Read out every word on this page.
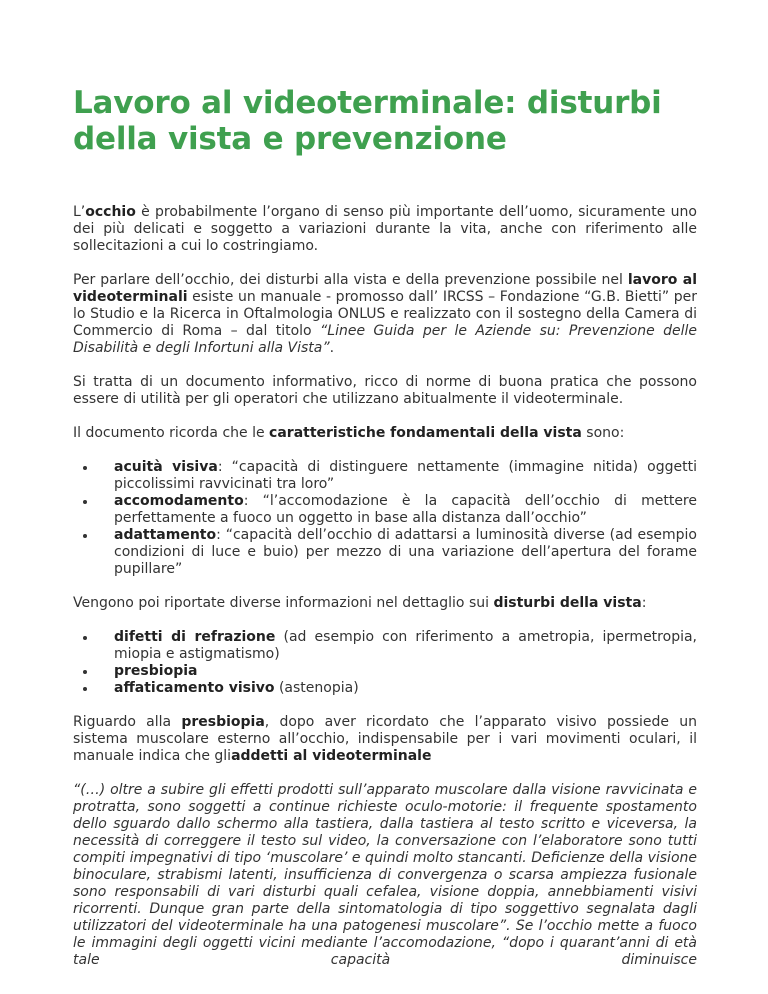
Lavoro al videoterminale: disturbi della vista e prevenzione

L’occhio è probabilmente l’organo di senso più importante dell’uomo, sicuramente uno dei più delicati e soggetto a variazioni durante la vita, anche con riferimento alle sollecitazioni a cui lo costringiamo.

Per parlare dell’occhio, dei disturbi alla vista e della prevenzione possibile nel lavoro al videoterminali esiste un manuale - promosso dall’ IRCSS – Fondazione “G.B. Bietti” per lo Studio e la Ricerca in Oftalmologia ONLUS e realizzato con il sostegno della Camera di Commercio di Roma – dal titolo “Linee Guida per le Aziende su: Prevenzione delle Disabilità e degli Infortuni alla Vista”.

Si tratta di un documento informativo, ricco di norme di buona pratica che possono essere di utilità per gli operatori che utilizzano abitualmente il videoterminale.

Il documento ricorda che le caratteristiche fondamentali della vista sono:

acuità visiva: “capacità di distinguere nettamente (immagine nitida) oggetti piccolissimi ravvicinati tra loro”
accomodamento: “l’accomodazione è la capacità dell’occhio di mettere perfettamente a fuoco un oggetto in base alla distanza dall’occhio”
adattamento: “capacità dell’occhio di adattarsi a luminosità diverse (ad esempio condizioni di luce e buio) per mezzo di una variazione dell’apertura del forame pupillare”

Vengono poi riportate diverse informazioni nel dettaglio sui disturbi della vista:

difetti di refrazione (ad esempio con riferimento a ametropia, ipermetropia, miopia e astigmatismo)
presbiopia
affaticamento visivo (astenopia)

Riguardo alla presbiopia, dopo aver ricordato che l’apparato visivo possiede un sistema muscolare esterno all’occhio, indispensabile per i vari movimenti oculari, il manuale indica che gliaddetti al videoterminale

“(…) oltre a subire gli effetti prodotti sull’apparato muscolare dalla visione ravvicinata e protratta, sono soggetti a continue richieste oculo-motorie: il frequente spostamento dello sguardo dallo schermo alla tastiera, dalla tastiera al testo scritto e viceversa, la necessità di correggere il testo sul video, la conversazione con l’elaboratore sono tutti compiti impegnativi di tipo ‘muscolare’ e quindi molto stancanti. Deficienze della visione binoculare, strabismi latenti, insufficienza di convergenza o scarsa ampiezza fusionale sono responsabili di vari disturbi quali cefalea, visione doppia, annebbiamenti visivi ricorrenti. Dunque gran parte della sintomatologia di tipo soggettivo segnalata dagli utilizzatori del videoterminale ha una patogenesi muscolare”. Se l’occhio mette a fuoco le immagini degli oggetti vicini mediante l’accomodazione, “dopo i quarant’anni di età tale capacità diminuisce
